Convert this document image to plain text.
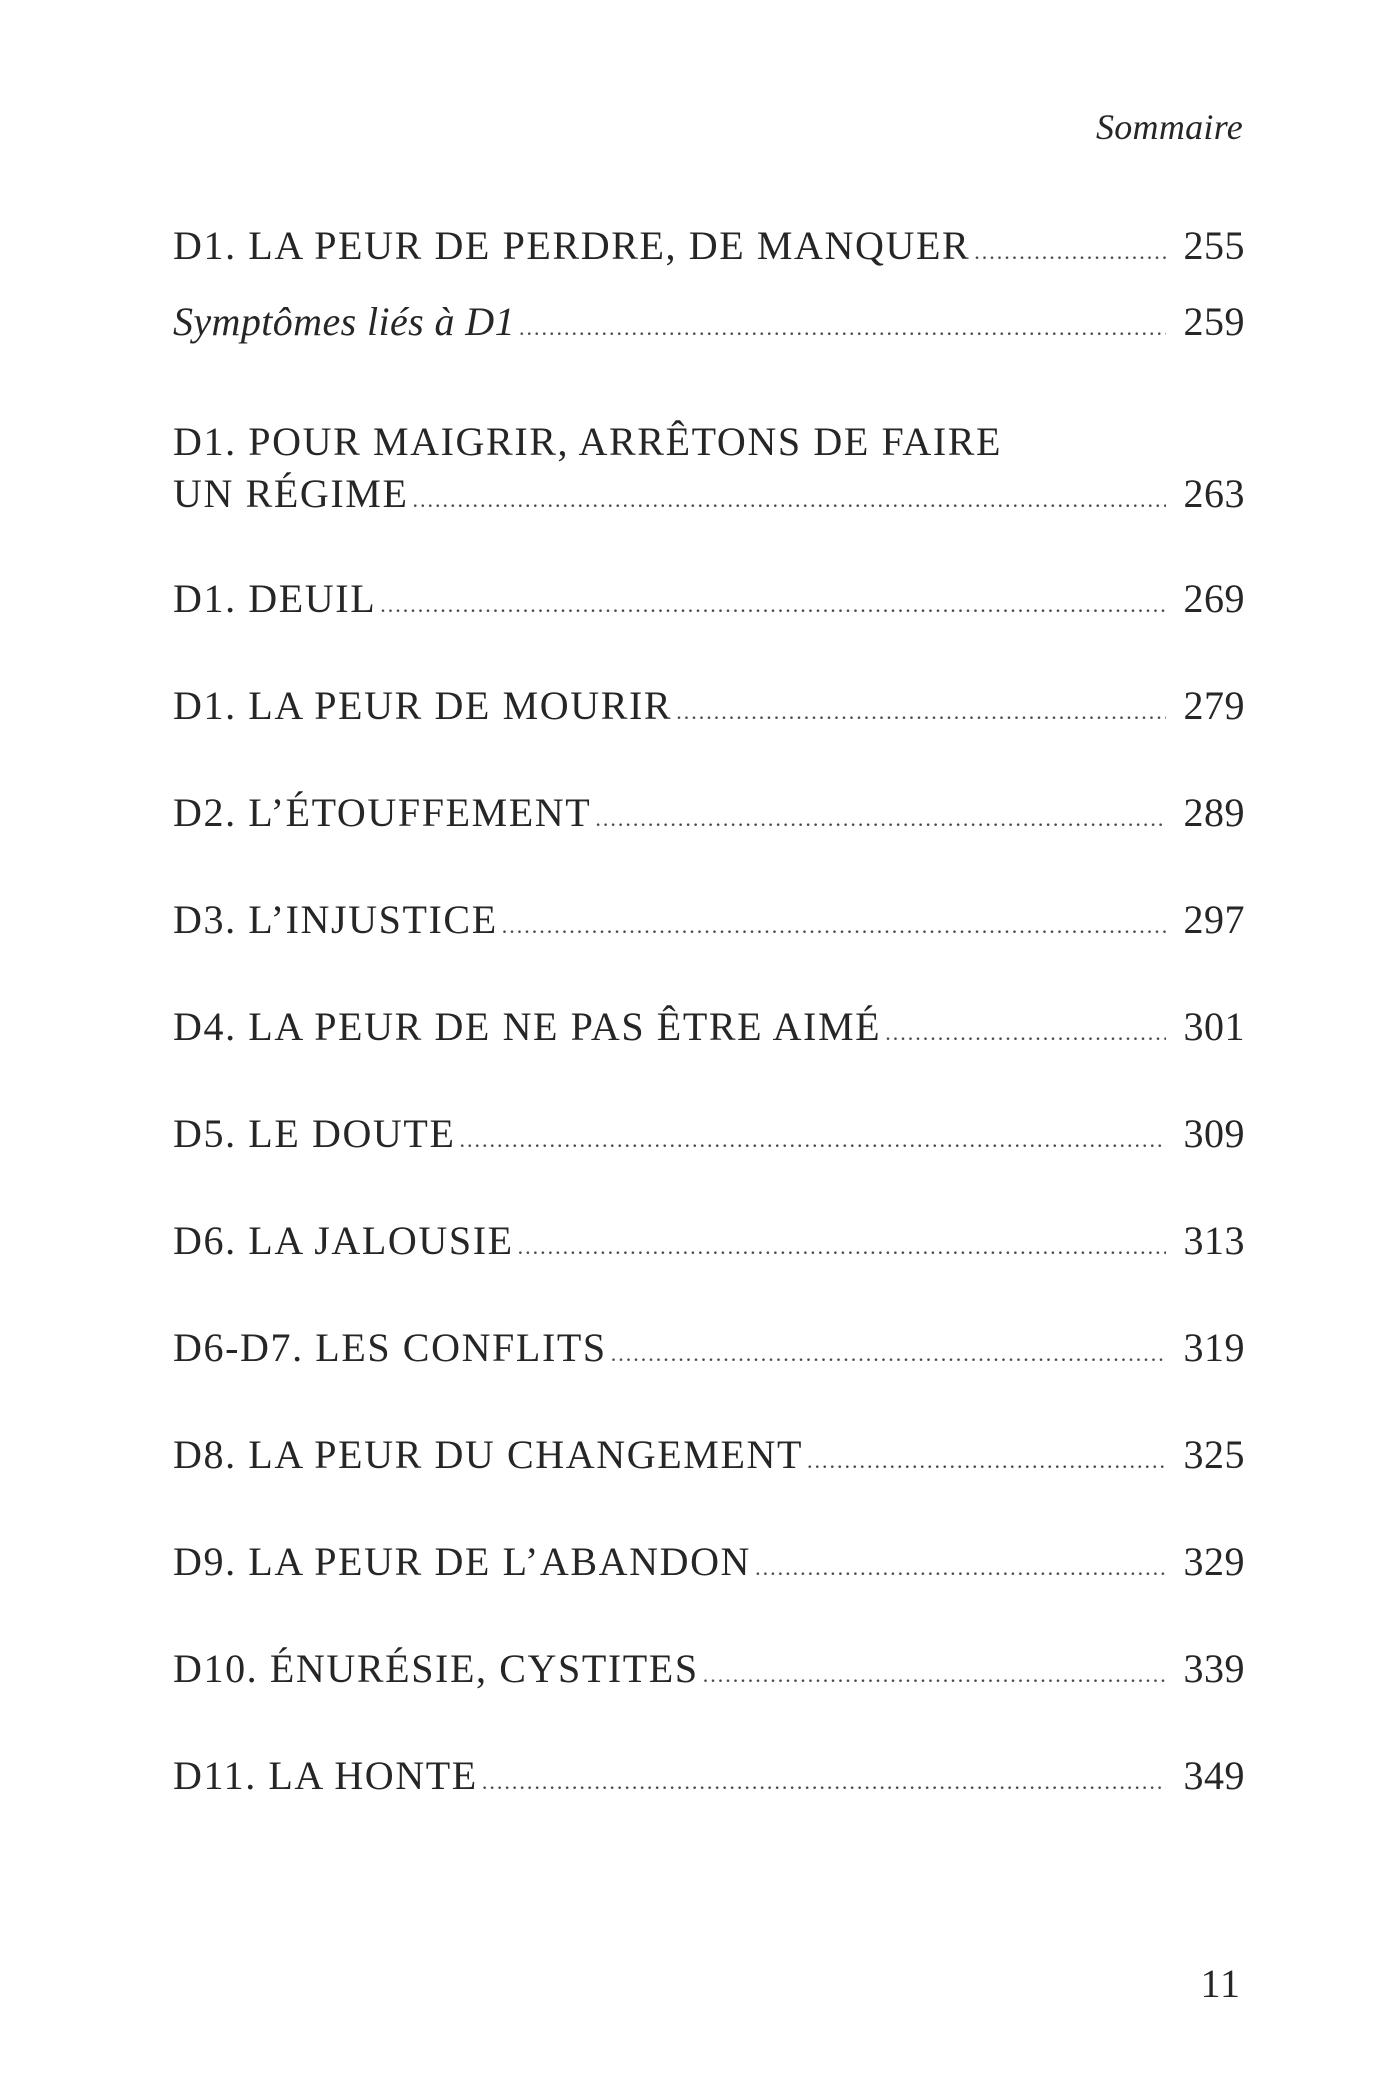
Sommaire
D1. LA PEUR DE PERDRE, DE MANQUER .....	255
Symptômes liés à D1 .....	259
D1. POUR MAIGRIR, ARRÊTONS DE FAIRE
UN RÉGIME .....	263
D1. DEUIL .....	269
D1. LA PEUR DE MOURIR .....	279
D2. L’ÉTOUFFEMENT .....	289
D3. L’INJUSTICE .....	297
D4. LA PEUR DE NE PAS ÊTRE AIMÉ .....	301
D5. LE DOUTE .....	309
D6. LA JALOUSIE .....	313
D6-D7. LES CONFLITS .....	319
D8. LA PEUR DU CHANGEMENT .....	325
D9. LA PEUR DE L’ABANDON .....	329
D10. ÉNURÉSIE, CYSTITES .....	339
D11. LA HONTE .....	349
11
